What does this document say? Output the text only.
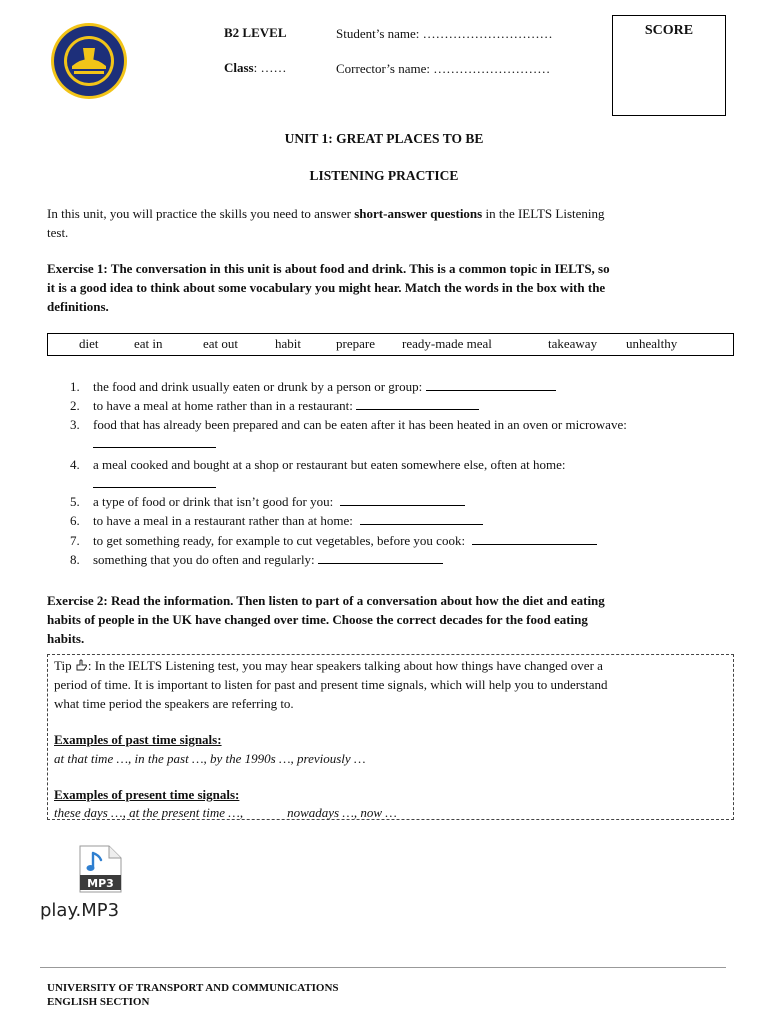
B2 LEVEL
Class: ……
Student’s name: …………………………
Corrector’s name: ………………………
SCORE
UNIT 1: GREAT PLACES TO BE
LISTENING PRACTICE
In this unit, you will practice the skills you need to answer short-answer questions in the IELTS Listening
test.
Exercise 1: The conversation in this unit is about food and drink. This is a common topic in IELTS, so
it is a good idea to think about some vocabulary you might hear. Match the words in the box with the
definitions.
diet	eat in	eat out	habit	prepare ready-made meal	takeaway unhealthy
1.	the food and drink usually eaten or drunk by a person or group:
2.	to have a meal at home rather than in a restaurant:
3.	food that has already been prepared and can be eaten after it has been heated in an oven or microwave:

4.	a meal cooked and bought at a shop or restaurant but eaten somewhere else, often at home:

5.	a type of food or drink that isn’t good for you:
6.	to have a meal in a restaurant rather than at home:
7.	to get something ready, for example to cut vegetables, before you cook:
8.	something that you do often and regularly:
Exercise 2: Read the information. Then listen to part of a conversation about how the diet and eating
habits of people in the UK have changed over time. Choose the correct decades for the food eating
habits.
Tip : In the IELTS Listening test, you may hear speakers talking about how things have changed over a
period of time. It is important to listen for past and present time signals, which will help you to understand
what time period the speakers are referring to.
Examples of past time signals:
at that time …, in the past …, by the 1990s …, previously …
Examples of present time signals:
these days …, at the present time …,	nowadays …, now …
MP3
play.MP3
UNIVERSITY OF TRANSPORT AND COMMUNICATIONS
ENGLISH SECTION
